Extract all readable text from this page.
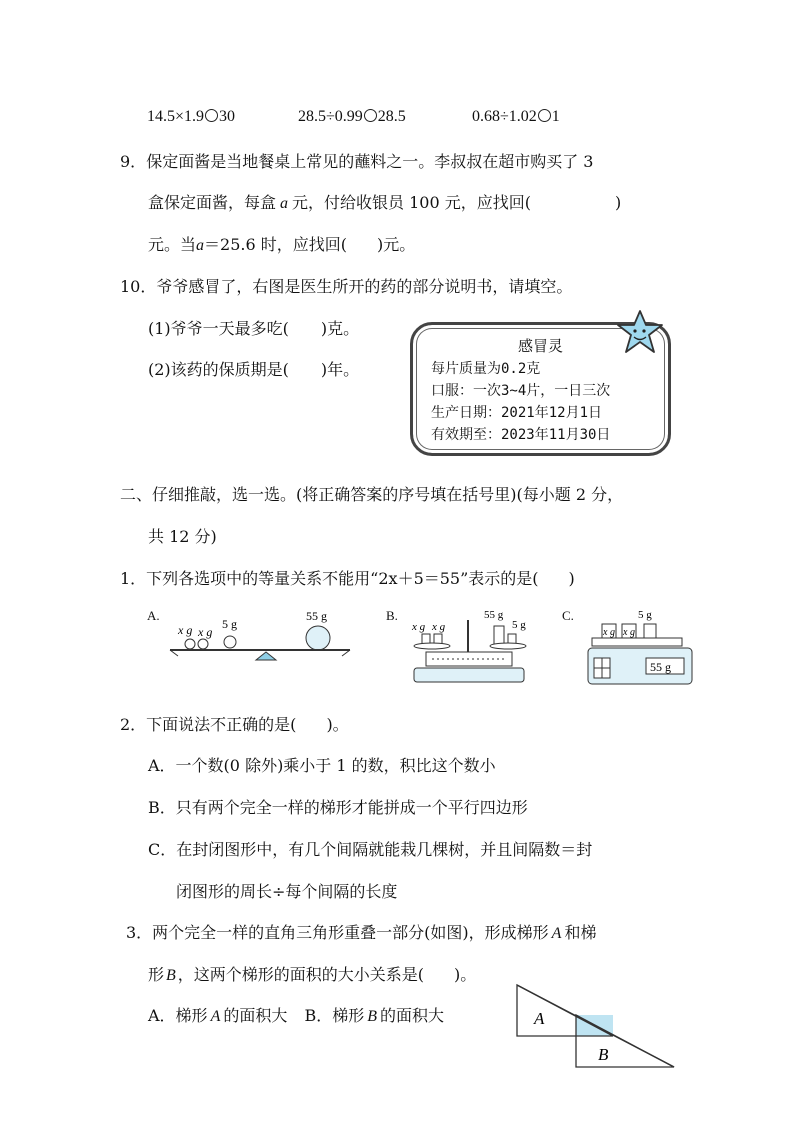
14.5×1.9 30	28.5÷0.99 28.5	0.68÷1.02 1
9．保定面酱是当地餐桌上常见的蘸料之一。李叔叔在超市购买了 3
盒保定面酱，每盒 a 元，付给收银员 100 元，应找回(	)
元。当a＝25.6 时，应找回( )元。
10．爷爷感冒了，右图是医生所开的药的部分说明书，请填空。
(1)爷爷一天最多吃( )克。
(2)该药的保质期是( )年。
感冒灵
每片质量为0.2克
口服：一次3~4片，一日三次
生产日期：2021年12月1日
有效期至：2023年11月30日
二、仔细推敲，选一选。(将正确答案的序号填在括号里)(每小题 2 分，
共 12 分)
1．下列各选项中的等量关系不能用“2x＋5＝55”表示的是( )
A.	B.	C.
x g x g
5 g
55 g
x g x g
55 g
5 g
5 g
x g x g
55 g
2．下面说法不正确的是( )。
A．一个数(0 除外)乘小于 1 的数，积比这个数小
B．只有两个完全一样的梯形才能拼成一个平行四边形
C．在封闭图形中，有几个间隔就能栽几棵树，并且间隔数＝封
闭图形的周长÷每个间隔的长度
3．两个完全一样的直角三角形重叠一部分(如图)，形成梯形 A 和梯
形 B ，这两个梯形的面积的大小关系是( )。
A．梯形 A 的面积大 B．梯形 B 的面积大	A
B
